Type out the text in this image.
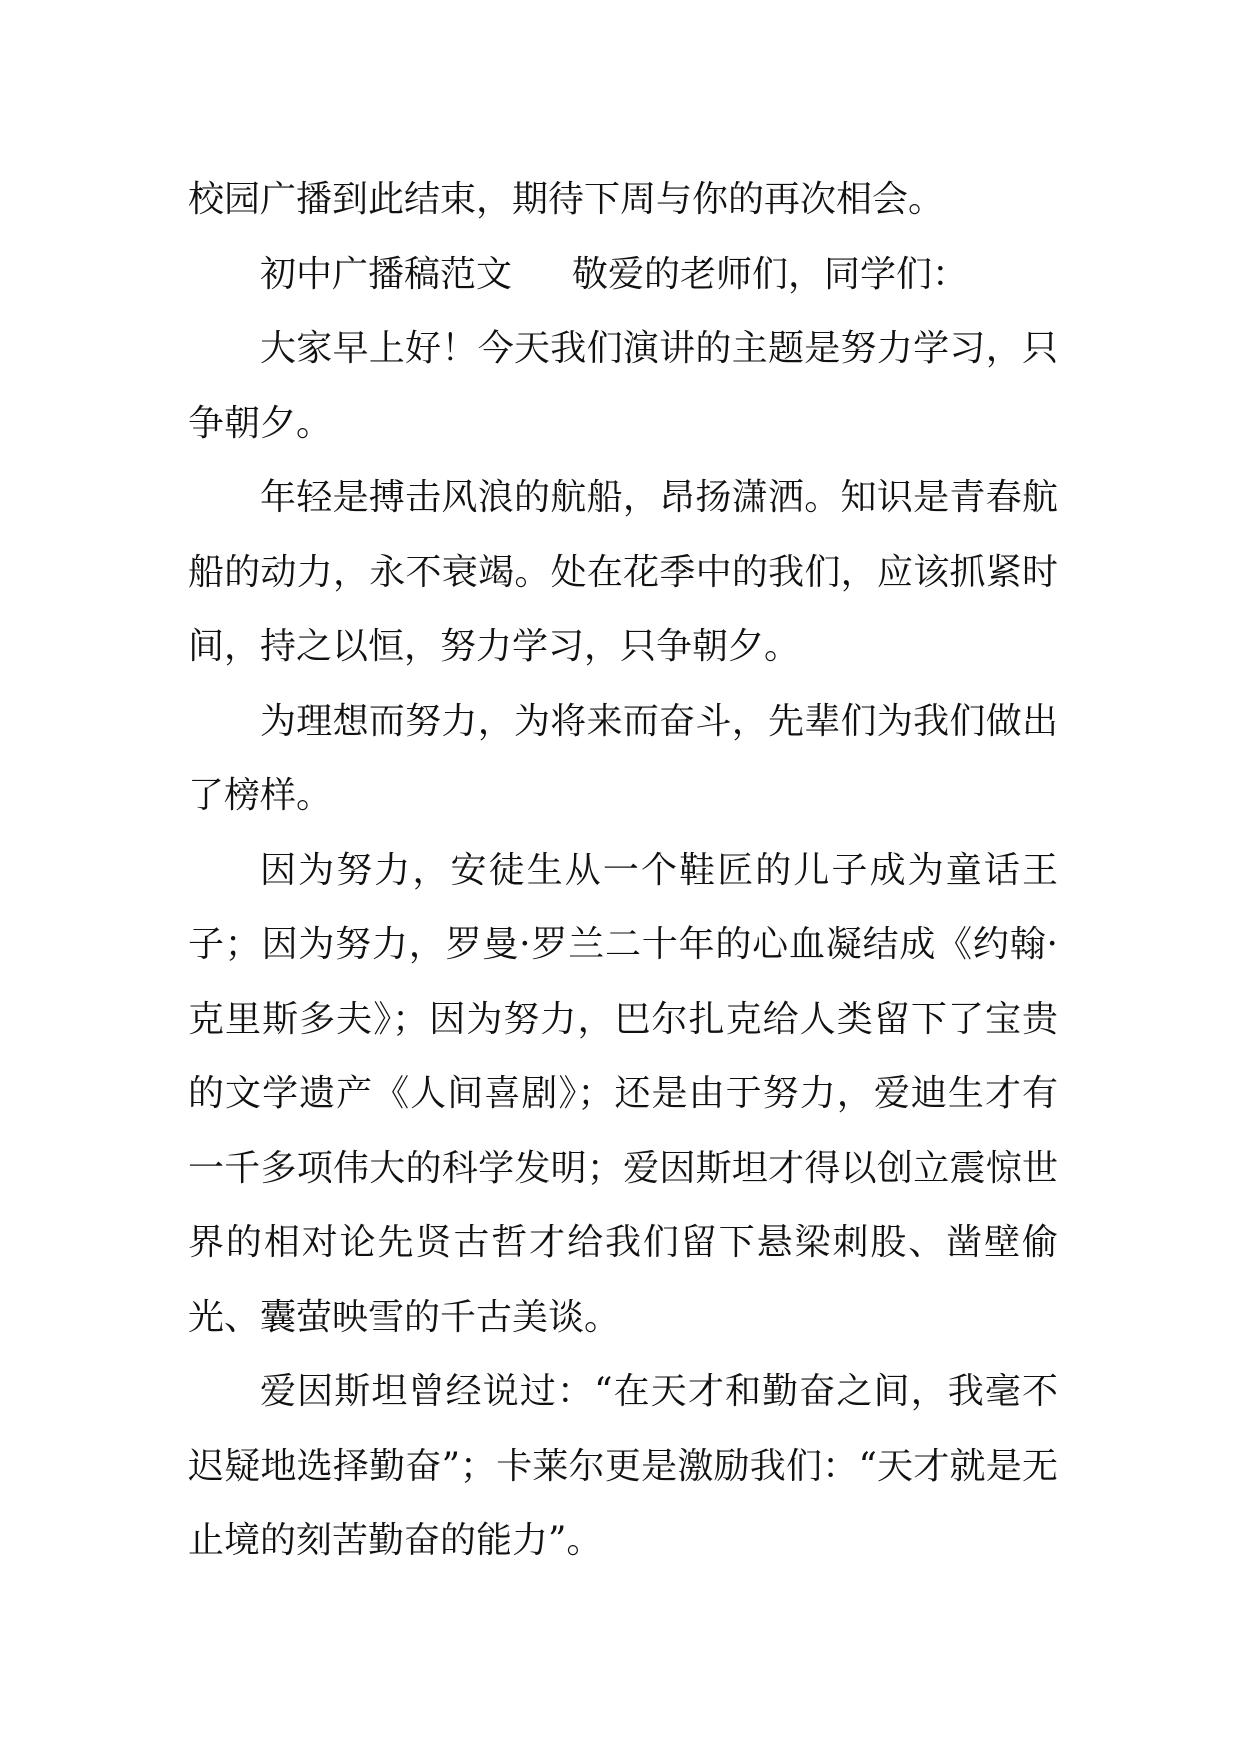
校园广播到此结束，期待下周与你的再次相会。

初中广播稿范文 敬爱的老师们，同学们：

大家早上好！今天我们演讲的主题是努力学习，只争朝夕。

年轻是搏击风浪的航船，昂扬潇洒。知识是青春航船的动力，永不衰竭。处在花季中的我们，应该抓紧时间，持之以恒，努力学习，只争朝夕。

为理想而努力，为将来而奋斗，先辈们为我们做出了榜样。

因为努力，安徒生从一个鞋匠的儿子成为童话王子；因为努力，罗曼·罗兰二十年的心血凝结成《约翰·克里斯多夫》；因为努力，巴尔扎克给人类留下了宝贵的文学遗产《人间喜剧》；还是由于努力，爱迪生才有一千多项伟大的科学发明；爱因斯坦才得以创立震惊世界的相对论先贤古哲才给我们留下悬梁刺股、凿壁偷光、囊萤映雪的千古美谈。

爱因斯坦曾经说过：“在天才和勤奋之间，我毫不迟疑地选择勤奋”；卡莱尔更是激励我们：“天才就是无止境的刻苦勤奋的能力”。
